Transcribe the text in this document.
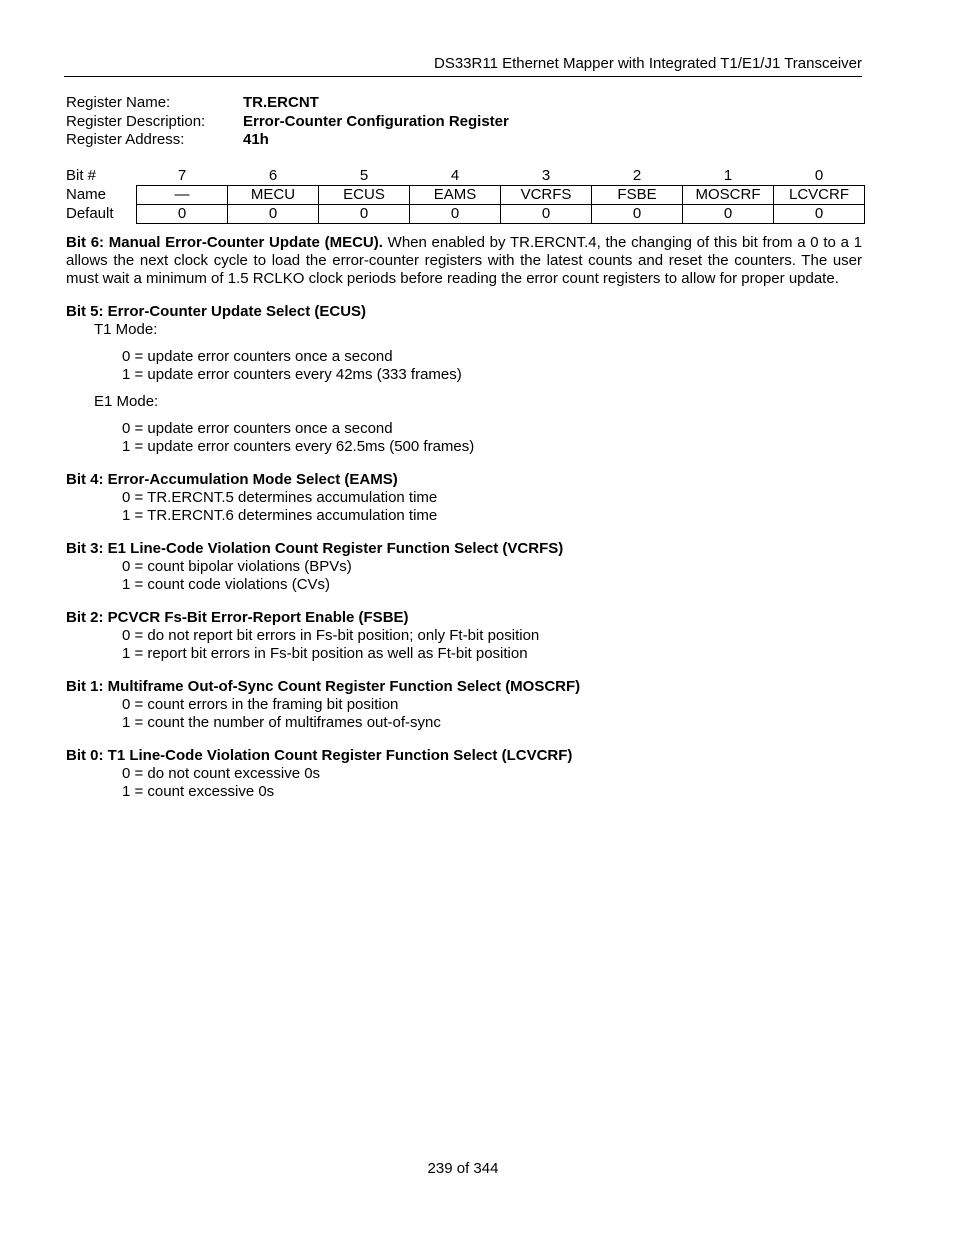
DS33R11 Ethernet Mapper with Integrated T1/E1/J1 Transceiver
Register Name:	TR.ERCNT
Register Description:	Error-Counter Configuration Register
Register Address:	41h
Bit #	7	6	5	4	3	2	1	0
Name	—	MECU	ECUS	EAMS	VCRFS	FSBE	MOSCRF	LCVCRF
Default	0	0	0	0	0	0	0	0

Bit 6: Manual Error-Counter Update (MECU). When enabled by TR.ERCNT.4, the changing of this bit from a 0 to a 1 allows the next clock cycle to load the error-counter registers with the latest counts and reset the counters. The user must wait a minimum of 1.5 RCLKO clock periods before reading the error count registers to allow for proper update.

Bit 5: Error-Counter Update Select (ECUS)
T1 Mode:
0 = update error counters once a second
1 = update error counters every 42ms (333 frames)
E1 Mode:
0 = update error counters once a second
1 = update error counters every 62.5ms (500 frames)
Bit 4: Error-Accumulation Mode Select (EAMS)
0 = TR.ERCNT.5 determines accumulation time
1 = TR.ERCNT.6 determines accumulation time
Bit 3: E1 Line-Code Violation Count Register Function Select (VCRFS)
0 = count bipolar violations (BPVs)
1 = count code violations (CVs)
Bit 2: PCVCR Fs-Bit Error-Report Enable (FSBE)
0 = do not report bit errors in Fs-bit position; only Ft-bit position
1 = report bit errors in Fs-bit position as well as Ft-bit position
Bit 1: Multiframe Out-of-Sync Count Register Function Select (MOSCRF)
0 = count errors in the framing bit position
1 = count the number of multiframes out-of-sync
Bit 0: T1 Line-Code Violation Count Register Function Select (LCVCRF)
0 = do not count excessive 0s
1 = count excessive 0s
239 of 344
